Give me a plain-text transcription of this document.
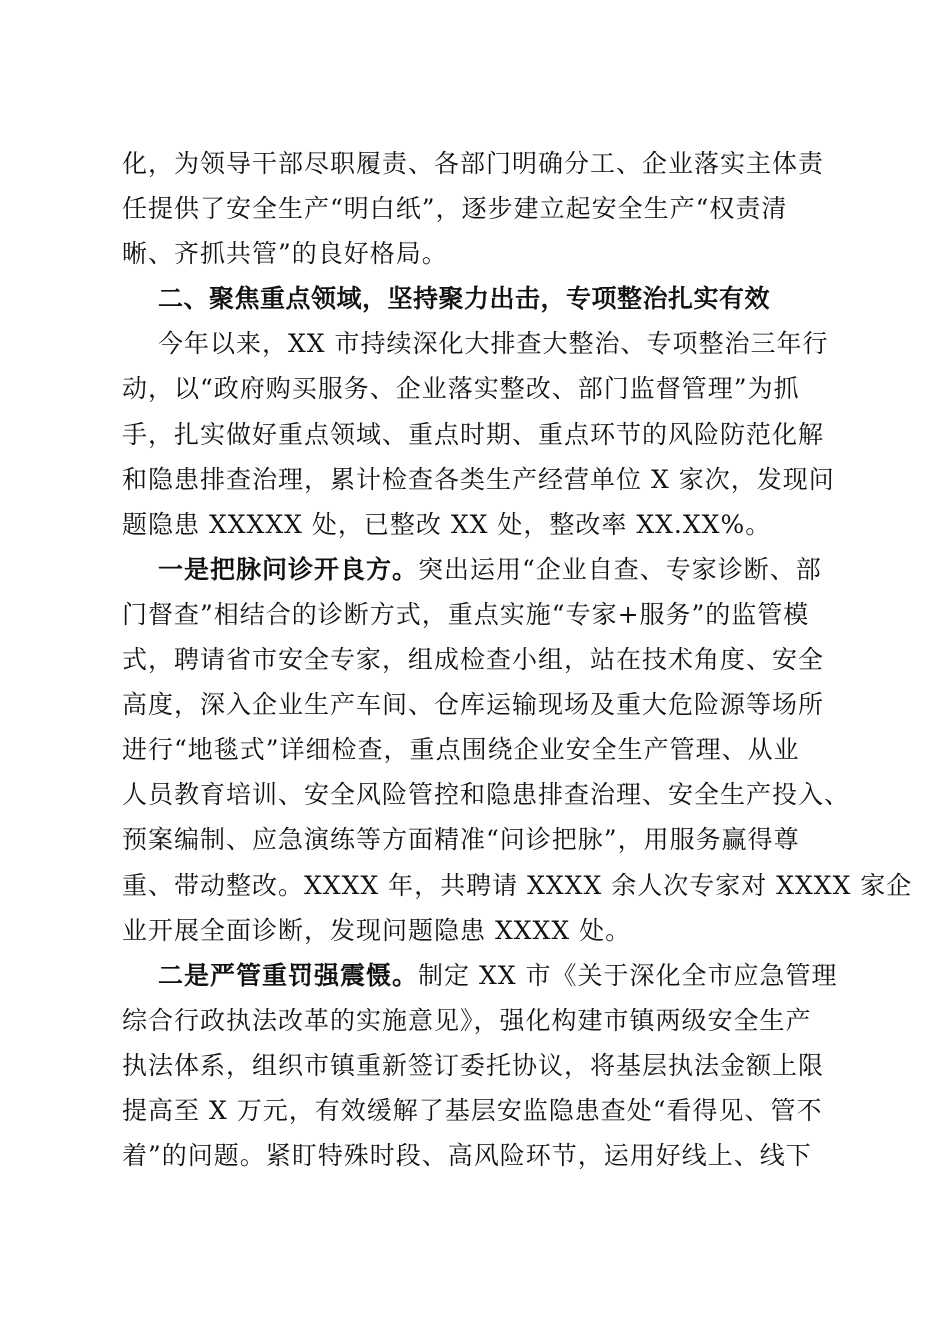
化，为领导干部尽职履责、各部门明确分工、企业落实主体责
任提供了安全生产“明白纸”，逐步建立起安全生产“权责清
晰、齐抓共管”的良好格局。
二、聚焦重点领域，坚持聚力出击，专项整治扎实有效
今年以来，XX 市持续深化大排查大整治、专项整治三年行
动，以“政府购买服务、企业落实整改、部门监督管理”为抓
手，扎实做好重点领域、重点时期、重点环节的风险防范化解
和隐患排查治理，累计检查各类生产经营单位 X 家次，发现问
题隐患 XXXXX 处，已整改 XX 处，整改率 XX.XX%。
一是把脉问诊开良方。突出运用“企业自查、专家诊断、部
门督查”相结合的诊断方式，重点实施“专家+服务”的监管模
式，聘请省市安全专家，组成检查小组，站在技术角度、安全
高度，深入企业生产车间、仓库运输现场及重大危险源等场所
进行“地毯式”详细检查，重点围绕企业安全生产管理、从业
人员教育培训、安全风险管控和隐患排查治理、安全生产投入、
预案编制、应急演练等方面精准“问诊把脉”，用服务赢得尊
重、带动整改。XXXX 年，共聘请 XXXX 余人次专家对 XXXX 家企
业开展全面诊断，发现问题隐患 XXXX 处。
二是严管重罚强震慑。制定 XX 市《关于深化全市应急管理
综合行政执法改革的实施意见》，强化构建市镇两级安全生产
执法体系，组织市镇重新签订委托协议，将基层执法金额上限
提高至 X 万元，有效缓解了基层安监隐患查处“看得见、管不
着”的问题。紧盯特殊时段、高风险环节，运用好线上、线下
